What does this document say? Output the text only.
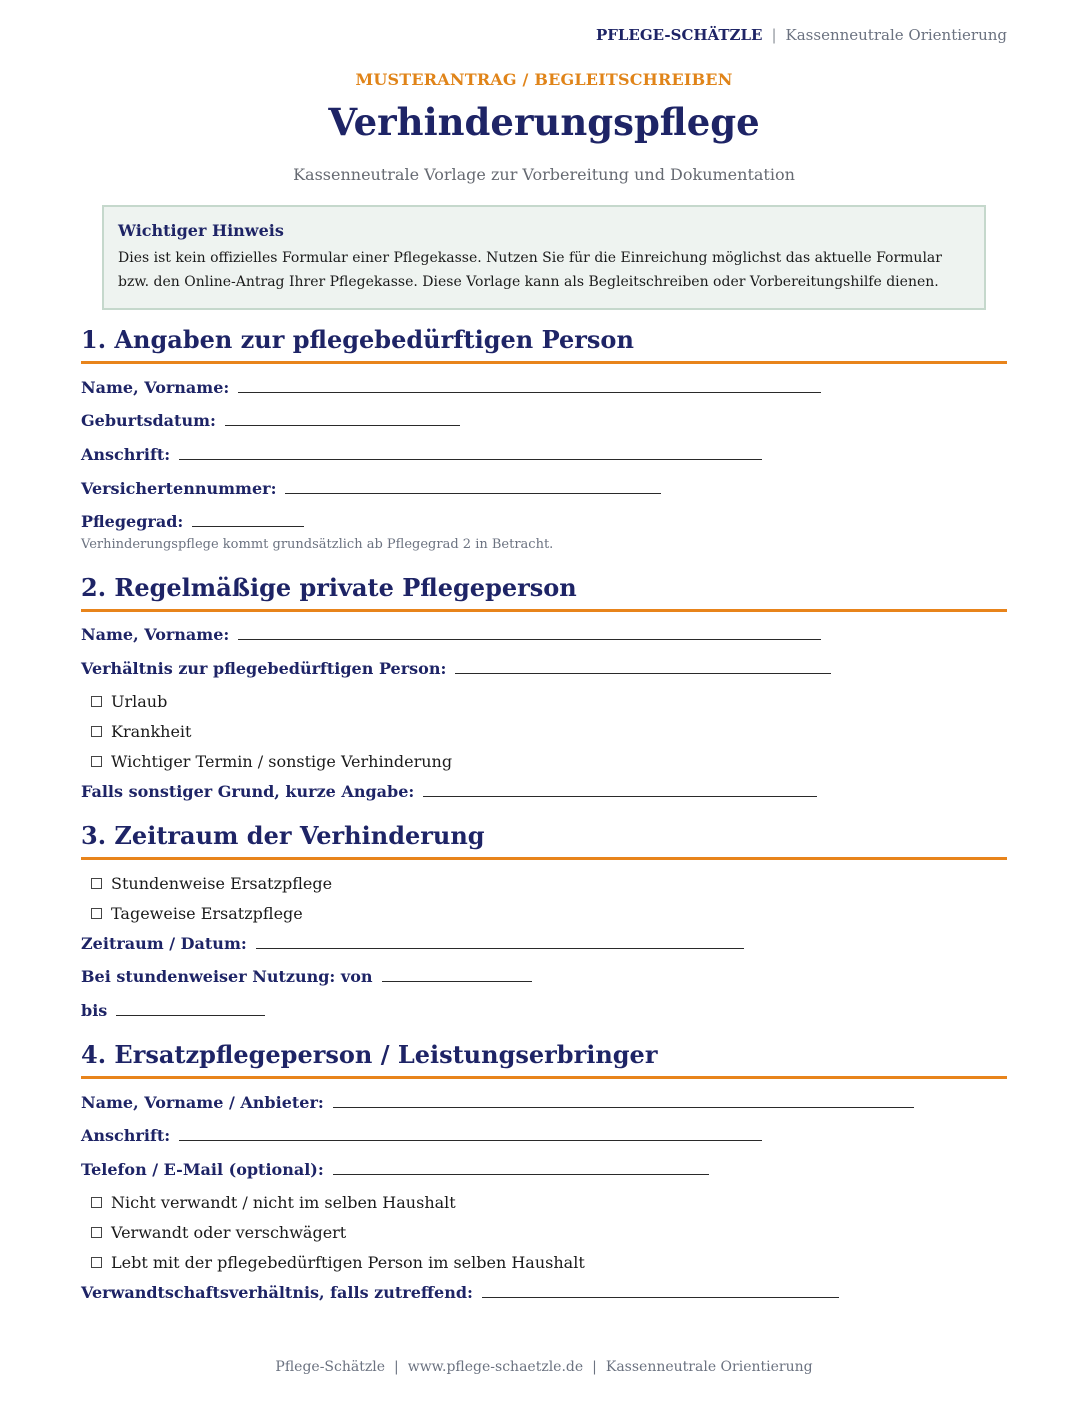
PFLEGE-SCHÄTZLE | Kassenneutrale Orientierung
MUSTERANTRAG / BEGLEITSCHREIBEN
Verhinderungspflege
Kassenneutrale Vorlage zur Vorbereitung und Dokumentation
Wichtiger Hinweis
Dies ist kein offizielles Formular einer Pflegekasse. Nutzen Sie für die Einreichung möglichst das aktuelle Formular
bzw. den Online-Antrag Ihrer Pflegekasse. Diese Vorlage kann als Begleitschreiben oder Vorbereitungshilfe dienen.
1. Angaben zur pflegebedürftigen Person
Name, Vorname:
Geburtsdatum:
Anschrift:
Versichertennummer:
Pflegegrad:
Verhinderungspflege kommt grundsätzlich ab Pflegegrad 2 in Betracht.
2. Regelmäßige private Pflegeperson
Name, Vorname:
Verhältnis zur pflegebedürftigen Person:
Urlaub
Krankheit
Wichtiger Termin / sonstige Verhinderung
Falls sonstiger Grund, kurze Angabe:
3. Zeitraum der Verhinderung
Stundenweise Ersatzpflege
Tageweise Ersatzpflege
Zeitraum / Datum:
Bei stundenweiser Nutzung: von
bis
4. Ersatzpflegeperson / Leistungserbringer
Name, Vorname / Anbieter:
Anschrift:
Telefon / E-Mail (optional):
Nicht verwandt / nicht im selben Haushalt
Verwandt oder verschwägert
Lebt mit der pflegebedürftigen Person im selben Haushalt
Verwandtschaftsverhältnis, falls zutreffend:
Pflege-Schätzle | www.pflege-schaetzle.de | Kassenneutrale Orientierung
